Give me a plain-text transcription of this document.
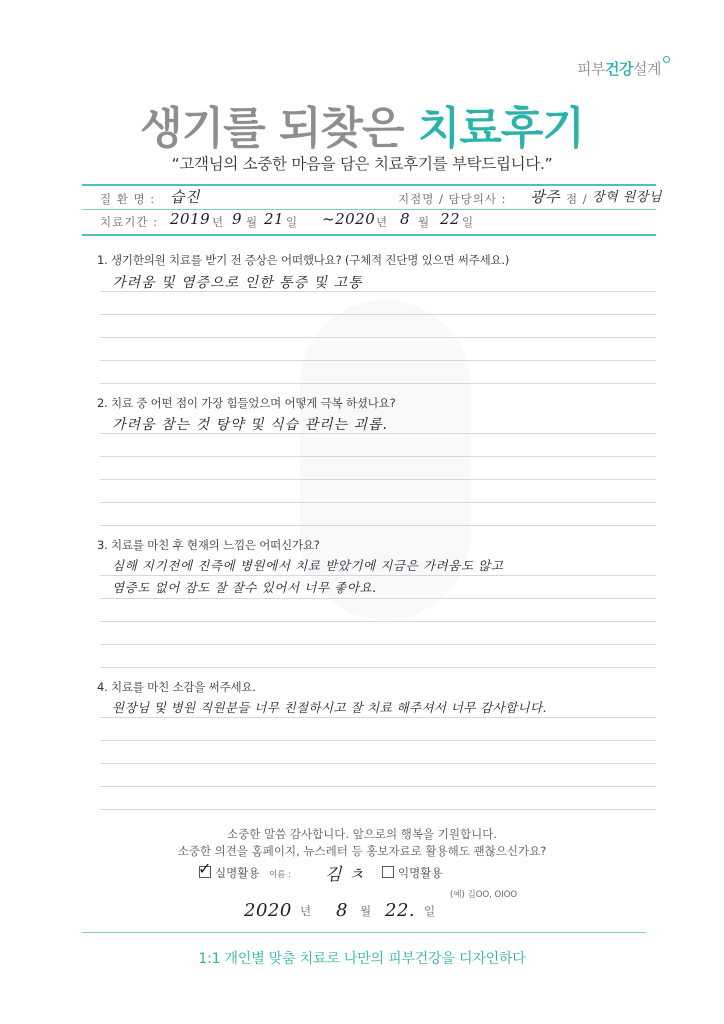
피부건강설계
생기를 되찾은 치료후기
“고객님의 소중한 마음을 담은 치료후기를 부탁드립니다.”
질 환 명 : 습진	지점명 / 담당의사 : 광주 점 / 장혁 원장님
치료기간 : 2019 년 9 월 21 일 ~2020 년 8 월 22 일
1. 생기한의원 치료를 받기 전 증상은 어떠했나요? (구체적 진단명 있으면 써주세요.)
가려움 및 염증으로 인한 통증 및 고통
2. 치료 중 어떤 점이 가장 힘들었으며 어떻게 극복 하셨나요?
가려움 참는 것 탕약 및 식습 관리는 괴롭.
3. 치료를 마친 후 현재의 느낌은 어떠신가요?
심해 지기전에 진즉에 병원에서 치료 받았기에 지금은 가려움도 않고
염증도 없어 잠도 잘 잘수 있어서 너무 좋아요.
4. 치료를 마친 소감을 써주세요.
원장님 및 병원 직원분들 너무 친절하시고 잘 치료 해주셔서 너무 감사합니다.
소중한 말씀 감사합니다. 앞으로의 행복을 기원합니다.
소중한 의견을 홈페이지, 뉴스레터 등 홍보자료로 활용해도 괜찮으신가요?
✓ 실명활용 이름 : 김 ㅊ	익명활용
(예) 김OO, OIOO
2020 년 8 월 22. 일
1:1 개인별 맞춤 치료로 나만의 피부건강을 디자인하다
